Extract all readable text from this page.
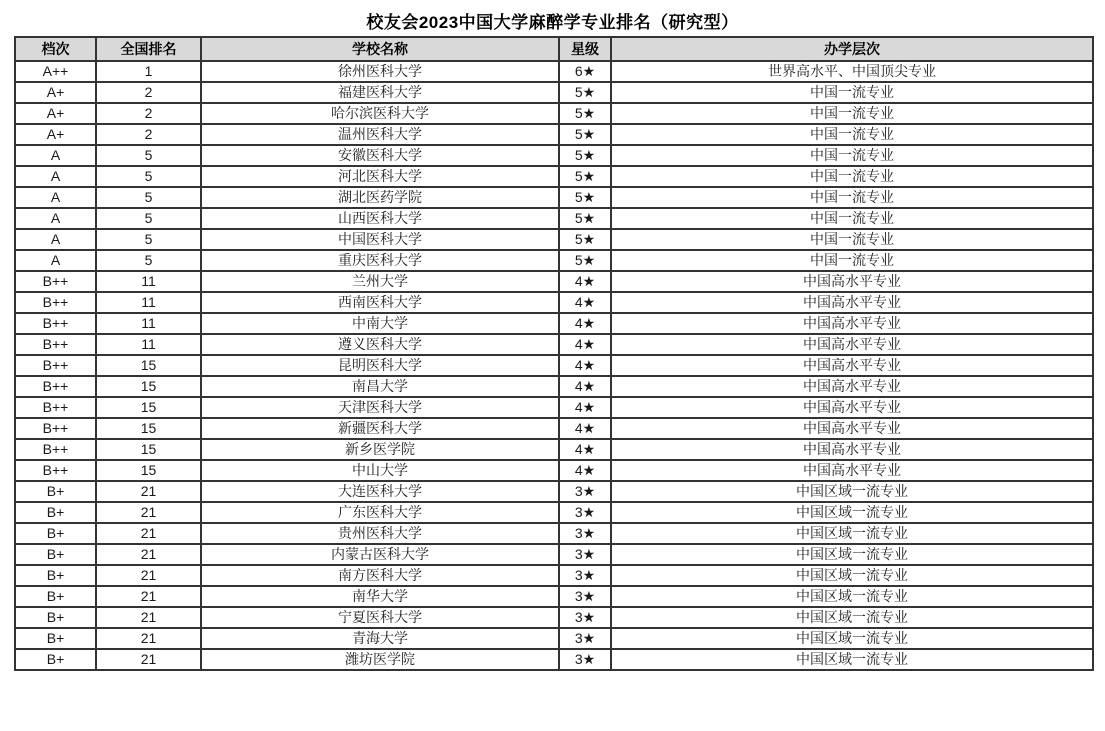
校友会2023中国大学麻醉学专业排名（研究型）
档次	全国排名	学校名称	星级	办学层次
A++	1	徐州医科大学	6★	世界高水平、中国顶尖专业
A+	2	福建医科大学	5★	中国一流专业
A+	2	哈尔滨医科大学	5★	中国一流专业
A+	2	温州医科大学	5★	中国一流专业
A	5	安徽医科大学	5★	中国一流专业
A	5	河北医科大学	5★	中国一流专业
A	5	湖北医药学院	5★	中国一流专业
A	5	山西医科大学	5★	中国一流专业
A	5	中国医科大学	5★	中国一流专业
A	5	重庆医科大学	5★	中国一流专业
B++	11	兰州大学	4★	中国高水平专业
B++	11	西南医科大学	4★	中国高水平专业
B++	11	中南大学	4★	中国高水平专业
B++	11	遵义医科大学	4★	中国高水平专业
B++	15	昆明医科大学	4★	中国高水平专业
B++	15	南昌大学	4★	中国高水平专业
B++	15	天津医科大学	4★	中国高水平专业
B++	15	新疆医科大学	4★	中国高水平专业
B++	15	新乡医学院	4★	中国高水平专业
B++	15	中山大学	4★	中国高水平专业
B+	21	大连医科大学	3★	中国区域一流专业
B+	21	广东医科大学	3★	中国区域一流专业
B+	21	贵州医科大学	3★	中国区域一流专业
B+	21	内蒙古医科大学	3★	中国区域一流专业
B+	21	南方医科大学	3★	中国区域一流专业
B+	21	南华大学	3★	中国区域一流专业
B+	21	宁夏医科大学	3★	中国区域一流专业
B+	21	青海大学	3★	中国区域一流专业
B+	21	潍坊医学院	3★	中国区域一流专业
